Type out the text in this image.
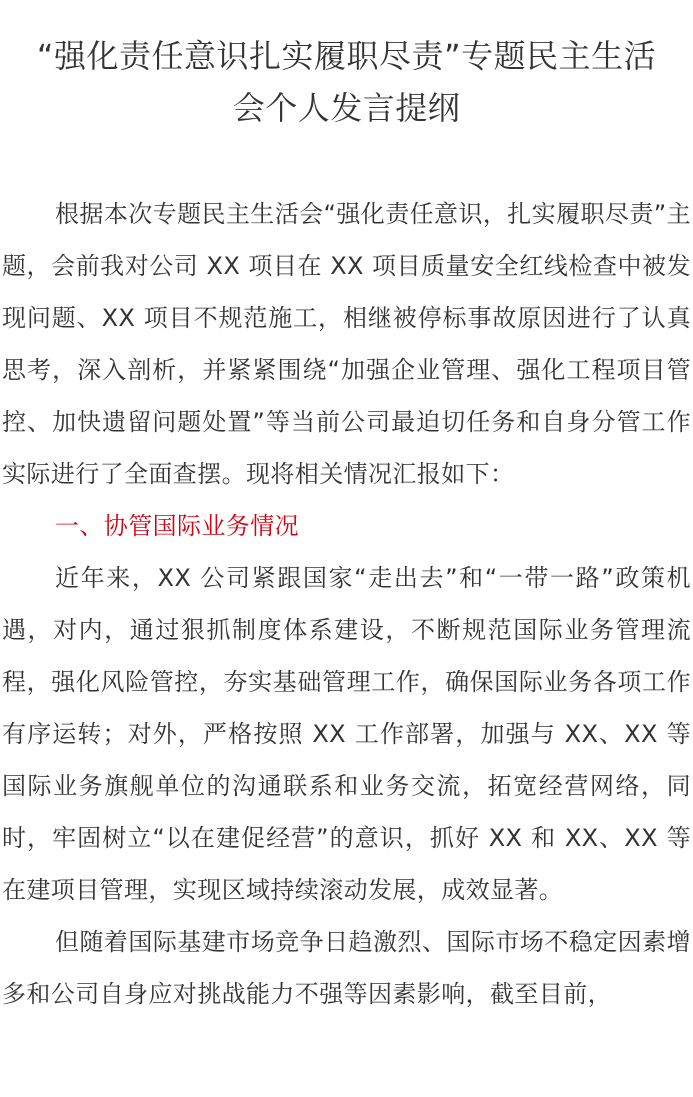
“强化责任意识扎实履职尽责”专题民主生活
会个人发言提纲

根据本次专题民主生活会“强化责任意识，扎实履职尽责”主题，会前我对公司 XX 项目在 XX 项目质量安全红线检查中被发现问题、XX 项目不规范施工，相继被停标事故原因进行了认真思考，深入剖析，并紧紧围绕“加强企业管理、强化工程项目管控、加快遗留问题处置”等当前公司最迫切任务和自身分管工作实际进行了全面查摆。现将相关情况汇报如下：

一、协管国际业务情况

近年来，XX 公司紧跟国家“走出去”和“一带一路”政策机遇，对内，通过狠抓制度体系建设，不断规范国际业务管理流程，强化风险管控，夯实基础管理工作，确保国际业务各项工作有序运转；对外，严格按照 XX 工作部署，加强与 XX、XX 等国际业务旗舰单位的沟通联系和业务交流，拓宽经营网络，同时，牢固树立“以在建促经营”的意识，抓好 XX 和 XX、XX 等在建项目管理，实现区域持续滚动发展，成效显著。

但随着国际基建市场竞争日趋激烈、国际市场不稳定因素增多和公司自身应对挑战能力不强等因素影响，截至目前，
